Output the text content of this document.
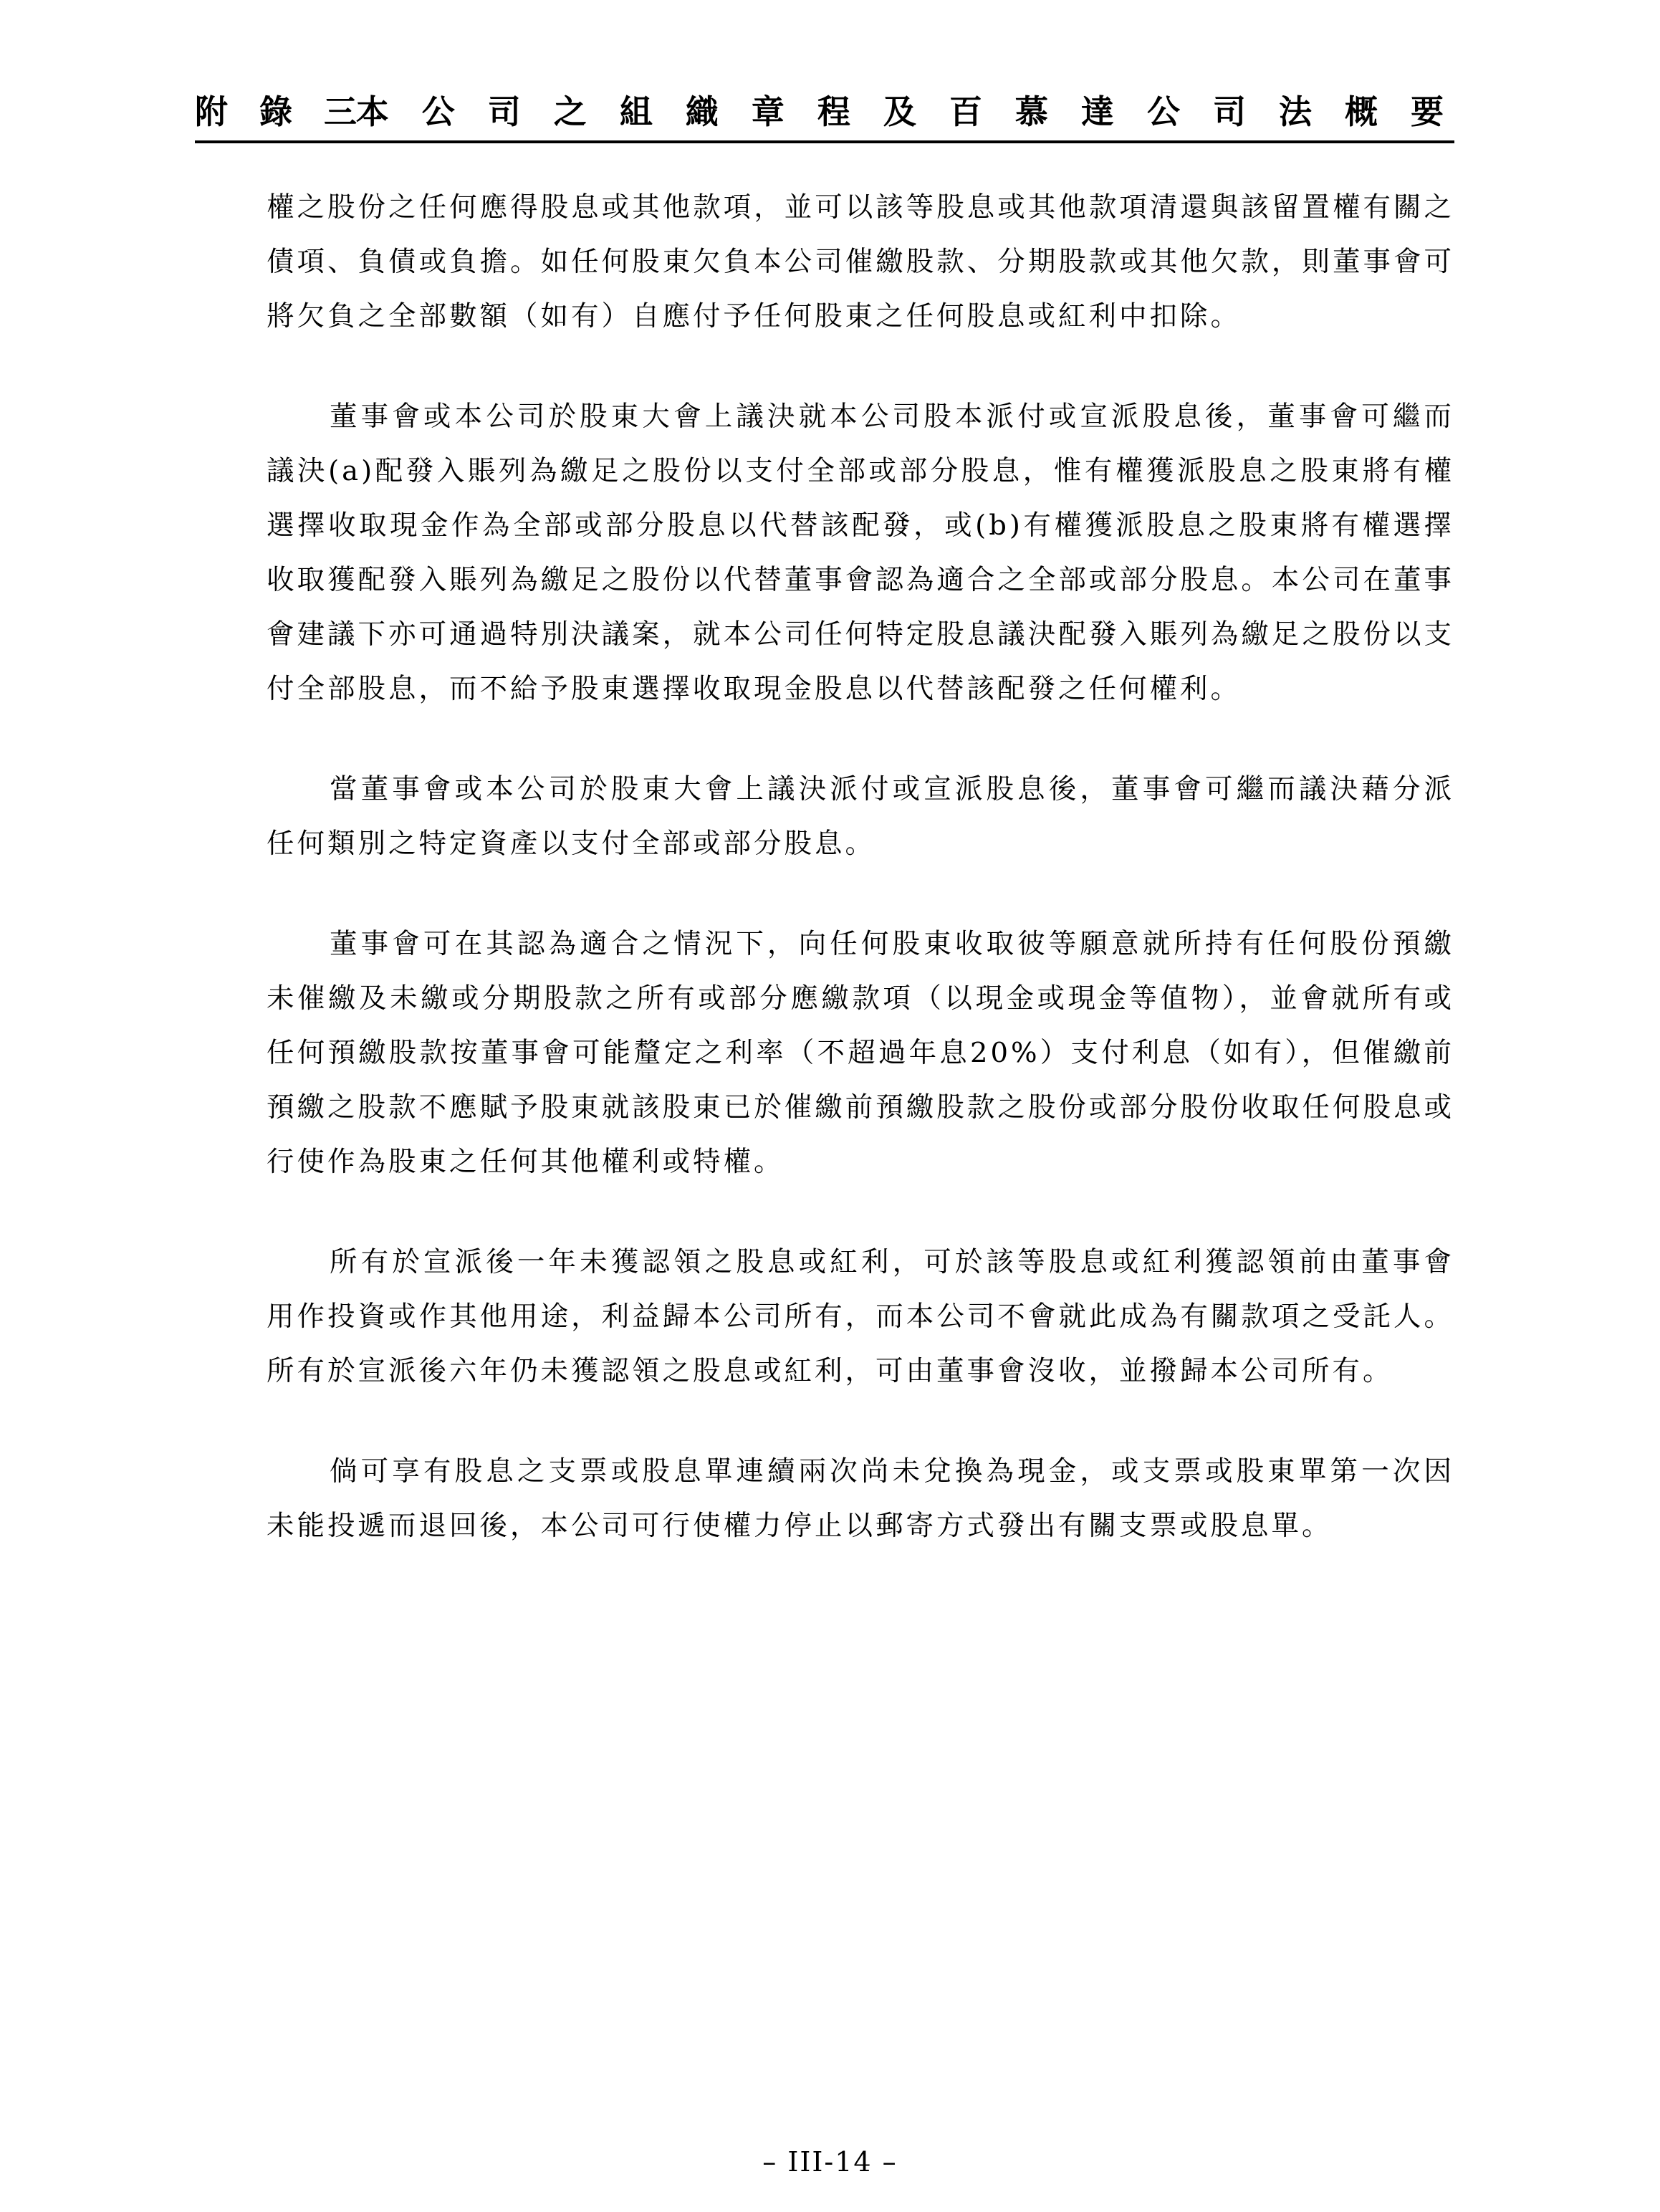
附 錄 三
本 公 司 之 組 織 章 程 及 百 慕 達 公 司 法 概 要

權之股份之任何應得股息或其他款項，並可以該等股息或其他款項清還與該留置權有關之債項、負債或負擔。如任何股東欠負本公司催繳股款、分期股款或其他欠款，則董事會可將欠負之全部數額（如有）自應付予任何股東之任何股息或紅利中扣除。

董事會或本公司於股東大會上議決就本公司股本派付或宣派股息後，董事會可繼而議決(a)配發入賬列為繳足之股份以支付全部或部分股息，惟有權獲派股息之股東將有權選擇收取現金作為全部或部分股息以代替該配發，或(b)有權獲派股息之股東將有權選擇收取獲配發入賬列為繳足之股份以代替董事會認為適合之全部或部分股息。本公司在董事會建議下亦可通過特別決議案，就本公司任何特定股息議決配發入賬列為繳足之股份以支付全部股息，而不給予股東選擇收取現金股息以代替該配發之任何權利。

當董事會或本公司於股東大會上議決派付或宣派股息後，董事會可繼而議決藉分派任何類別之特定資產以支付全部或部分股息。

董事會可在其認為適合之情況下，向任何股東收取彼等願意就所持有任何股份預繳未催繳及未繳或分期股款之所有或部分應繳款項（以現金或現金等值物），並會就所有或任何預繳股款按董事會可能釐定之利率（不超過年息20%）支付利息（如有），但催繳前預繳之股款不應賦予股東就該股東已於催繳前預繳股款之股份或部分股份收取任何股息或行使作為股東之任何其他權利或特權。

所有於宣派後一年未獲認領之股息或紅利，可於該等股息或紅利獲認領前由董事會用作投資或作其他用途，利益歸本公司所有，而本公司不會就此成為有關款項之受託人。所有於宣派後六年仍未獲認領之股息或紅利，可由董事會沒收，並撥歸本公司所有。

倘可享有股息之支票或股息單連續兩次尚未兌換為現金，或支票或股東單第一次因未能投遞而退回後，本公司可行使權力停止以郵寄方式發出有關支票或股息單。

– III-14 –
